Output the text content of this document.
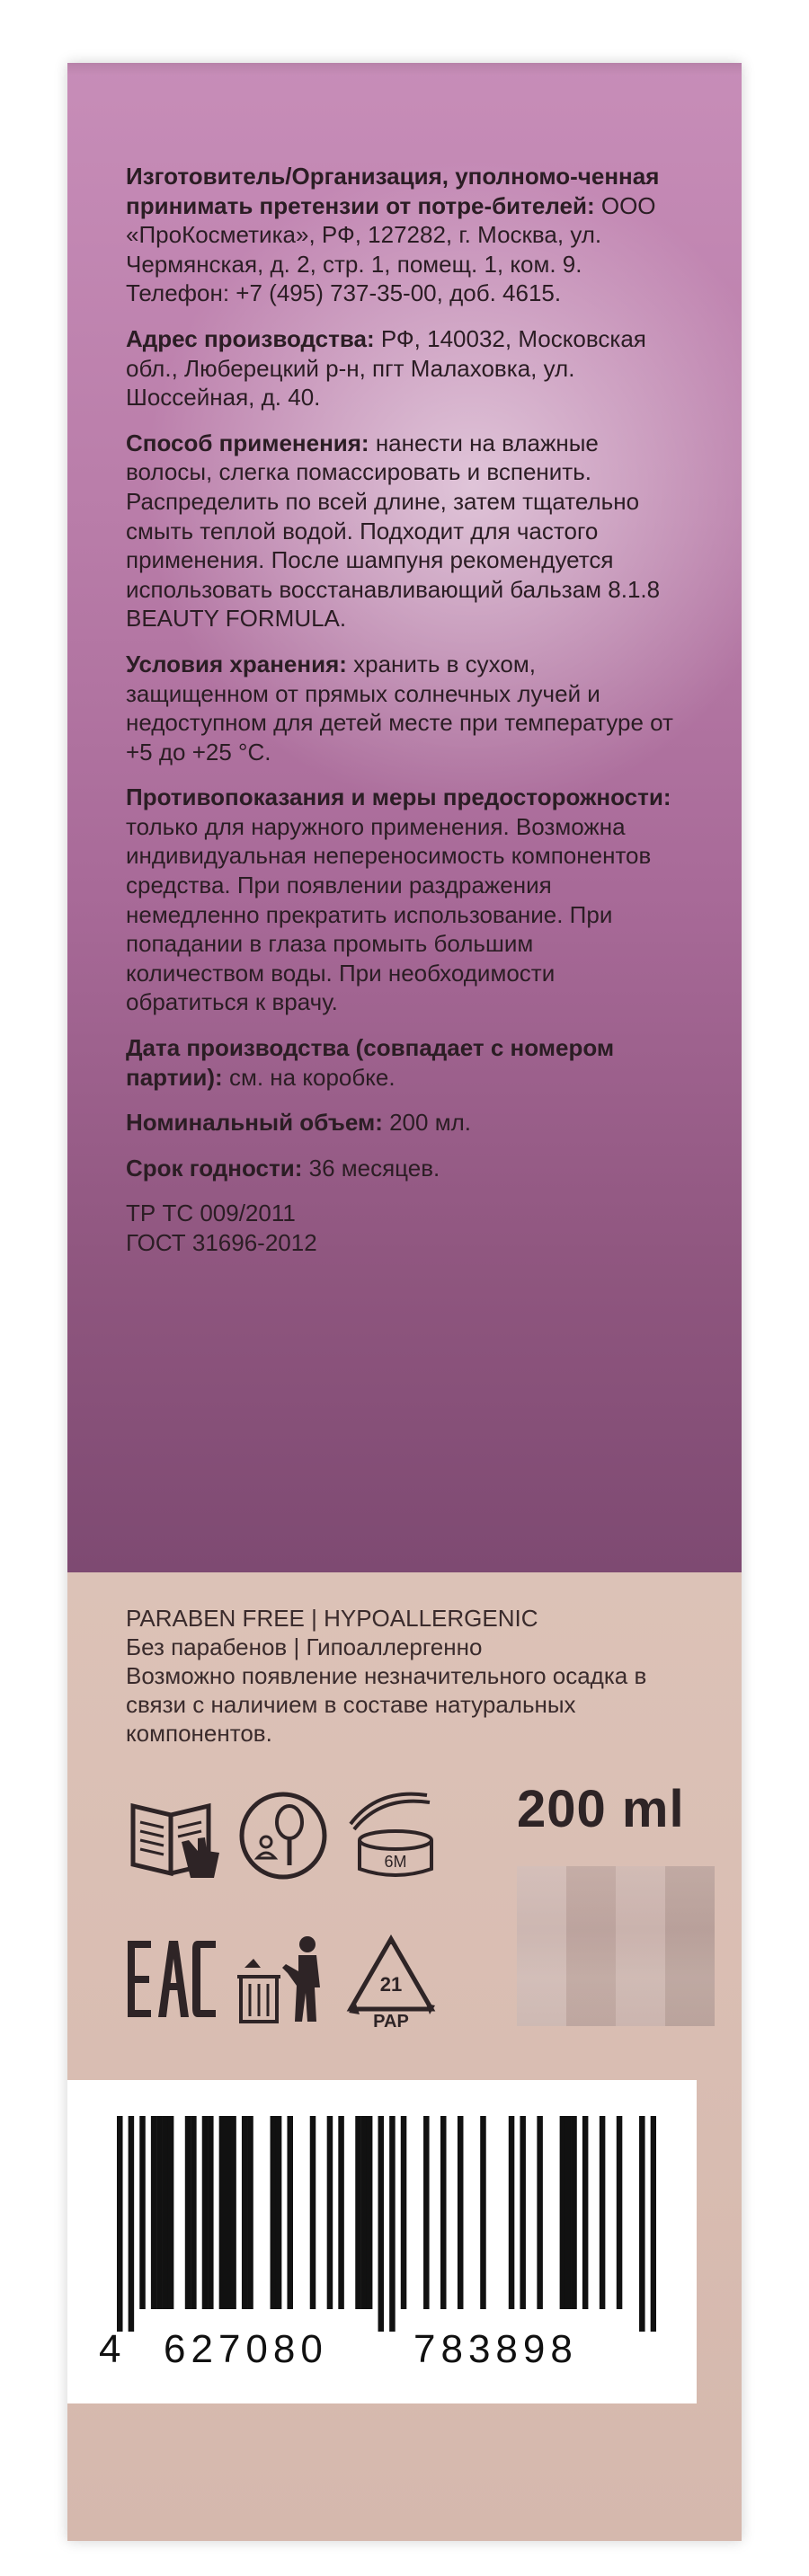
Изготовитель/Организация, уполномо-ченная принимать претензии от потре-бителей: ООО «ПроКосметика», РФ, 127282, г. Москва, ул. Чермянская, д. 2, стр. 1, помещ. 1, ком. 9. Телефон: +7 (495) 737-35-00, доб. 4615.

Адрес производства: РФ, 140032, Московская обл., Люберецкий р-н, пгт Малаховка, ул. Шоссейная, д. 40.

Способ применения: нанести на влажные волосы, слегка помассировать и вспенить. Распределить по всей длине, затем тщательно смыть теплой водой. Подходит для частого применения. После шампуня рекомендуется использовать восстанавливающий бальзам 8.1.8 BEAUTY FORMULA.

Условия хранения: хранить в сухом, защищенном от прямых солнечных лучей и недоступном для детей месте при температуре от +5 до +25 °C.

Противопоказания и меры предосторожности: только для наружного применения. Возможна индивидуальная непереносимость компонентов средства. При появлении раздражения немедленно прекратить использование. При попадании в глаза промыть большим количеством воды. При необходимости обратиться к врачу.

Дата производства (совпадает с номером партии): см. на коробке.

Номинальный объем: 200 мл.

Срок годности: 36 месяцев.

ТР ТС 009/2011
ГОСТ 31696-2012

PARABEN FREE | HYPOALLERGENIC
Без парабенов | Гипоаллергенно
Возможно появление незначительного осадка в связи с наличием в составе натуральных компонентов.
6M
21
PAP
200 ml
4 627080 783898
